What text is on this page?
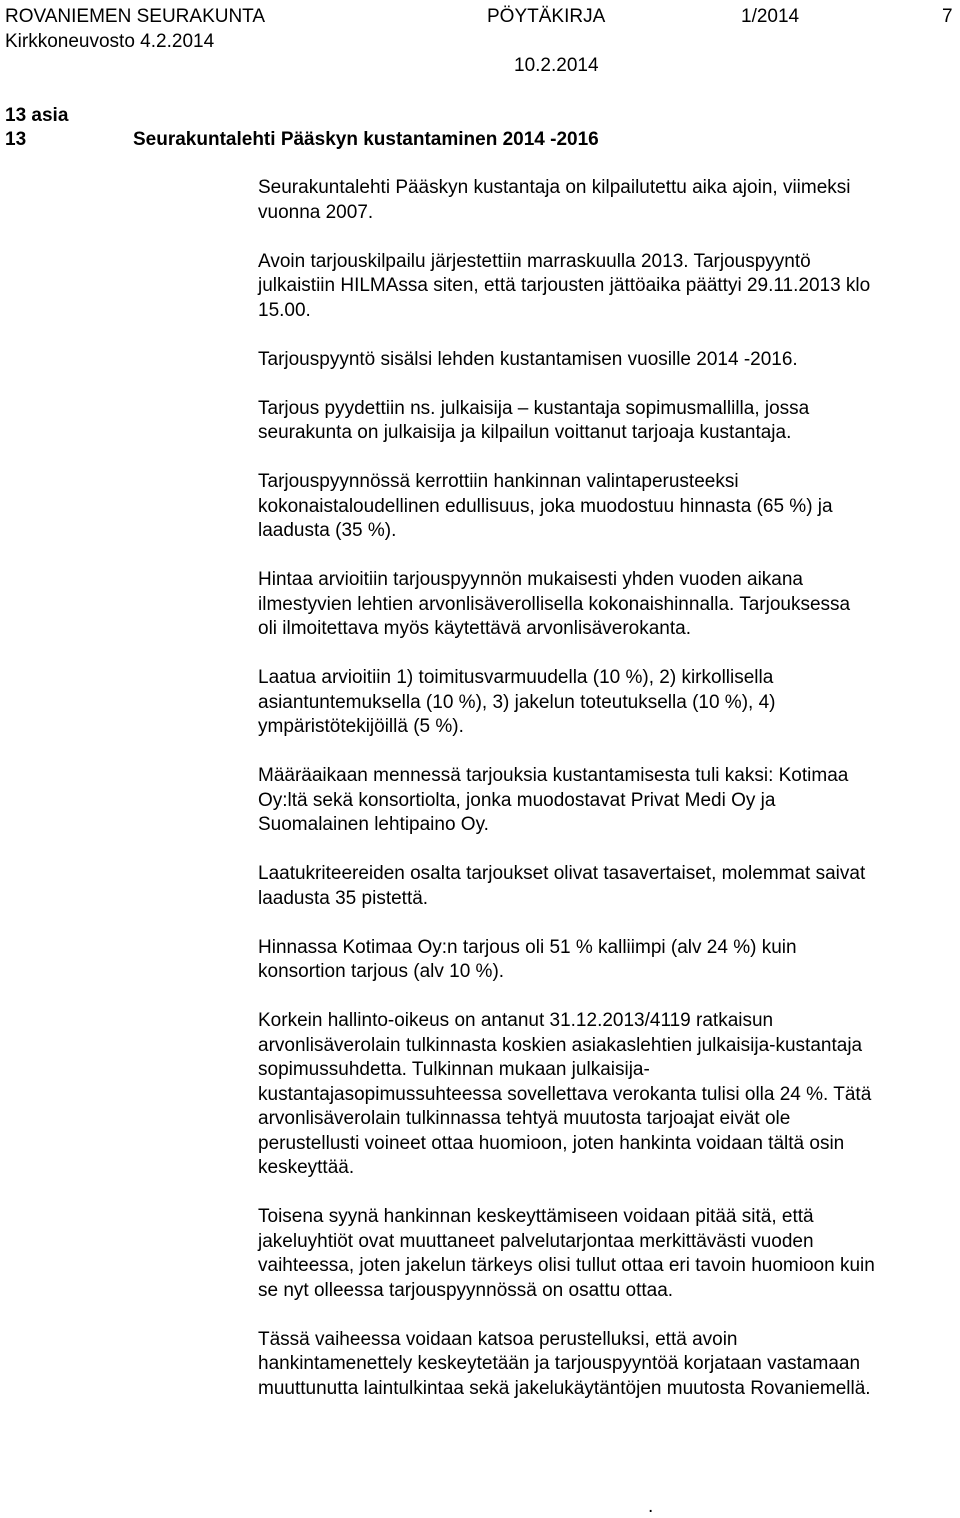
ROVANIEMEN SEURAKUNTA	PÖYTÄKIRJA	1/2014	7
Kirkkoneuvosto 4.2.2014
10.2.2014
13 asia
13	Seurakuntalehti Pääskyn kustantaminen 2014 -2016

Seurakuntalehti Pääskyn kustantaja on kilpailutettu aika ajoin, viimeksi
vuonna 2007.

Avoin tarjouskilpailu järjestettiin marraskuulla 2013. Tarjouspyyntö
julkaistiin HILMAssa siten, että tarjousten jättöaika päättyi 29.11.2013 klo
15.00.

Tarjouspyyntö sisälsi lehden kustantamisen vuosille 2014 -2016.

Tarjous pyydettiin ns. julkaisija – kustantaja sopimusmallilla, jossa
seurakunta on julkaisija ja kilpailun voittanut tarjoaja kustantaja.

Tarjouspyynnössä kerrottiin hankinnan valintaperusteeksi
kokonaistaloudellinen edullisuus, joka muodostuu hinnasta (65 %) ja
laadusta (35 %).

Hintaa arvioitiin tarjouspyynnön mukaisesti yhden vuoden aikana
ilmestyvien lehtien arvonlisäverollisella kokonaishinnalla. Tarjouksessa
oli ilmoitettava myös käytettävä arvonlisäverokanta.

Laatua arvioitiin 1) toimitusvarmuudella (10 %), 2) kirkollisella
asiantuntemuksella (10 %), 3) jakelun toteutuksella (10 %), 4)
ympäristötekijöillä (5 %).

Määräaikaan mennessä tarjouksia kustantamisesta tuli kaksi: Kotimaa
Oy:ltä sekä konsortiolta, jonka muodostavat Privat Medi Oy ja
Suomalainen lehtipaino Oy.

Laatukriteereiden osalta tarjoukset olivat tasavertaiset, molemmat saivat
laadusta 35 pistettä.

Hinnassa Kotimaa Oy:n tarjous oli 51 % kalliimpi (alv 24 %) kuin
konsortion tarjous (alv 10 %).

Korkein hallinto-oikeus on antanut 31.12.2013/4119 ratkaisun
arvonlisäverolain tulkinnasta koskien asiakaslehtien julkaisija-kustantaja
sopimussuhdetta. Tulkinnan mukaan julkaisija-
kustantajasopimussuhteessa sovellettava verokanta tulisi olla 24 %. Tätä
arvonlisäverolain tulkinnassa tehtyä muutosta tarjoajat eivät ole
perustellusti voineet ottaa huomioon, joten hankinta voidaan tältä osin
keskeyttää.

Toisena syynä hankinnan keskeyttämiseen voidaan pitää sitä, että
jakeluyhtiöt ovat muuttaneet palvelutarjontaa merkittävästi vuoden
vaihteessa, joten jakelun tärkeys olisi tullut ottaa eri tavoin huomioon kuin
se nyt olleessa tarjouspyynnössä on osattu ottaa.

Tässä vaiheessa voidaan katsoa perustelluksi, että avoin
hankintamenettely keskeytetään ja tarjouspyyntöä korjataan vastamaan
muuttunutta laintulkintaa sekä jakelukäytäntöjen muutosta Rovaniemellä.

.
